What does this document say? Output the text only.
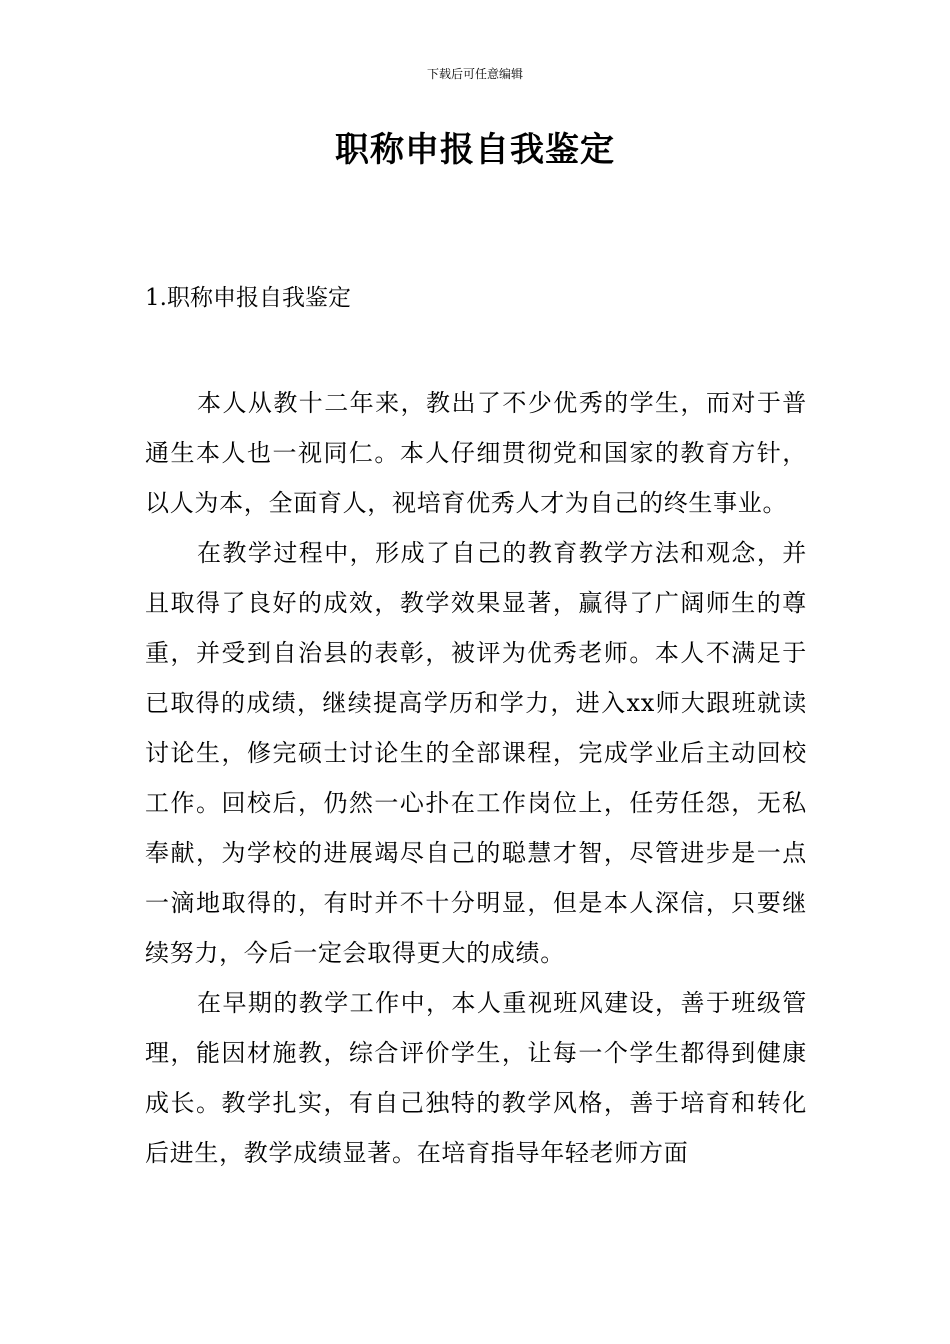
下载后可任意编辑
职称申报自我鉴定
1.职称申报自我鉴定

本人从教十二年来，教出了不少优秀的学生，而对于普通生本人也一视同仁。本人仔细贯彻党和国家的教育方针，以人为本，全面育人，视培育优秀人才为自己的终生事业。

在教学过程中，形成了自己的教育教学方法和观念，并且取得了良好的成效，教学效果显著，赢得了广阔师生的尊重，并受到自治县的表彰，被评为优秀老师。本人不满足于已取得的成绩，继续提高学历和学力，进入xx师大跟班就读讨论生，修完硕士讨论生的全部课程，完成学业后主动回校工作。回校后，仍然一心扑在工作岗位上，任劳任怨，无私奉献，为学校的进展竭尽自己的聪慧才智，尽管进步是一点一滴地取得的，有时并不十分明显，但是本人深信，只要继续努力，今后一定会取得更大的成绩。

在早期的教学工作中，本人重视班风建设，善于班级管理，能因材施教，综合评价学生，让每一个学生都得到健康成长。教学扎实，有自己独特的教学风格，善于培育和转化后进生，教学成绩显著。在培育指导年轻老师方面
